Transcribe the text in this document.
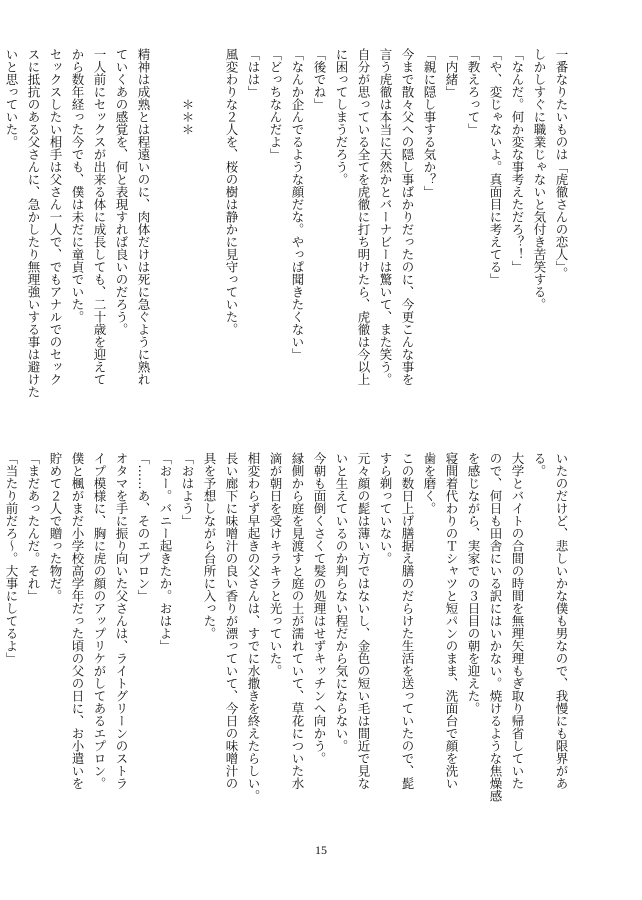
一番なりたいものは「虎徹さんの恋人」。
しかしすぐに職業じゃないと気付き苦笑する。
「なんだ。何か変な事考えただろ？！」
「や、変じゃないよ。真面目に考えてる」
「教えろって」
「内緒」
「親に隠し事する気か？」
今まで散々父への隠し事ばかりだったのに、今更こんな事を
言う虎徹は本当に天然かとバーナビーは驚いて、また笑う。
自分が思っている全てを虎徹に打ち明けたら、虎徹は今以上
に困ってしまうだろう。
「後でね」
「なんか企んでるような顔だな。やっぱ聞きたくない」
「どっちなんだよ」
「はは」
風変わりな２人を、桜の樹は静かに見守っていた。

　　　　＊＊＊

精神は成熟とは程遠いのに、肉体だけは死に急ぐように熟れ
ていくあの感覚を、何と表現すれば良いのだろう。
一人前にセックスが出来る体に成長しても、二十歳を迎えて
から数年経った今でも、僕は未だに童貞でいた。
セックスしたい相手は父さん一人で、でもアナルでのセック
スに抵抗のある父さんに、急かしたり無理強いする事は避けた
いと思っていた。
いたのだけど、悲しいかな僕も男なので、我慢にも限界があ
る。
大学とバイトの合間の時間を無理矢理もぎ取り帰省していた
ので、何日も田舎にいる訳にはいかない。焼けるような焦燥感
を感じながら、実家での３日目の朝を迎えた。
寝間着代わりのＴシャツと短パンのまま、洗面台で顔を洗い
歯を磨く。
この数日上げ膳据え膳のだらけた生活を送っていたので、髭
すら剃っていない。
元々顔の髭は薄い方ではないし、金色の短い毛は間近で見な
いと生えているのか判らない程だから気にならない。
今朝も面倒くさくて髪の処理はせずキッチンへ向かう。
縁側から庭を見渡すと庭の土が濡れていて、草花についた水
滴が朝日を受けキラキラと光っていた。
相変わらず早起きの父さんは、すでに水撒きを終えたらしい。
長い廊下に味噌汁の良い香りが漂っていて、今日の味噌汁の
具を予想しながら台所に入った。
「おはよう」
「おー。バニー起きたか。おはよ」
「……あ、そのエプロン」
オタマを手に振り向いた父さんは、ライトグリーンのストラ
イプ模様に、胸に虎の顔のアップリケがしてあるエプロン。
僕と楓がまだ小学校高学年だった頃の父の日に、お小遣いを
貯めて２人で贈った物だ。
「まだあったんだ。それ」
「当たり前だろ～。大事にしてるよ」
15
